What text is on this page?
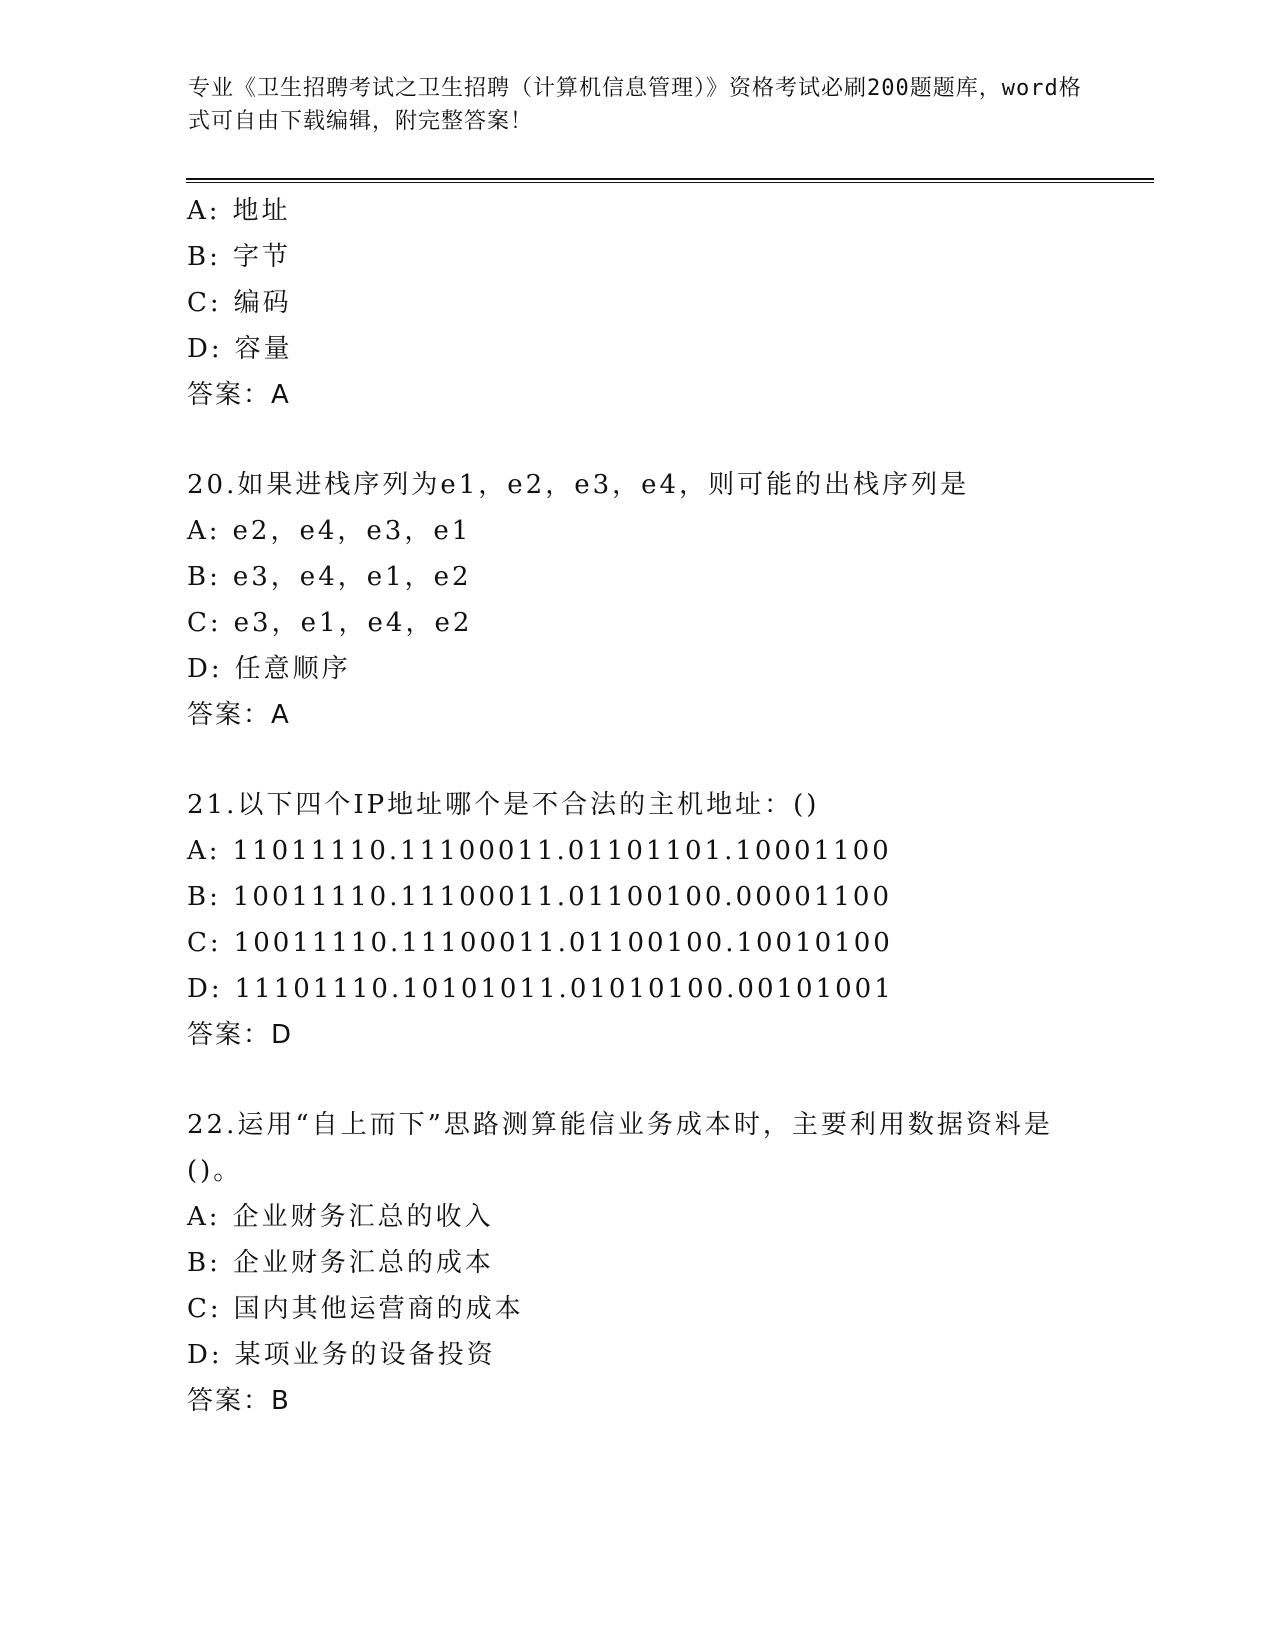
专业《卫生招聘考试之卫生招聘（计算机信息管理）》资格考试必刷200题题库，word格式可自由下载编辑，附完整答案！
A: 地址
B: 字节
C: 编码
D: 容量
答案：A
20.如果进栈序列为e1，e2，e3，e4，则可能的出栈序列是
A: e2，e4，e3，e1
B: e3，e4，e1，e2
C: e3，e1，e4，e2
D: 任意顺序
答案：A
21.以下四个IP地址哪个是不合法的主机地址：()
A: 11011110.11100011.01101101.10001100
B: 10011110.11100011.01100100.00001100
C: 10011110.11100011.01100100.10010100
D: 11101110.10101011.01010100.00101001
答案：D
22.运用“自上而下”思路测算能信业务成本时，主要利用数据资料是()。
A: 企业财务汇总的收入
B: 企业财务汇总的成本
C: 国内其他运营商的成本
D: 某项业务的设备投资
答案：B
